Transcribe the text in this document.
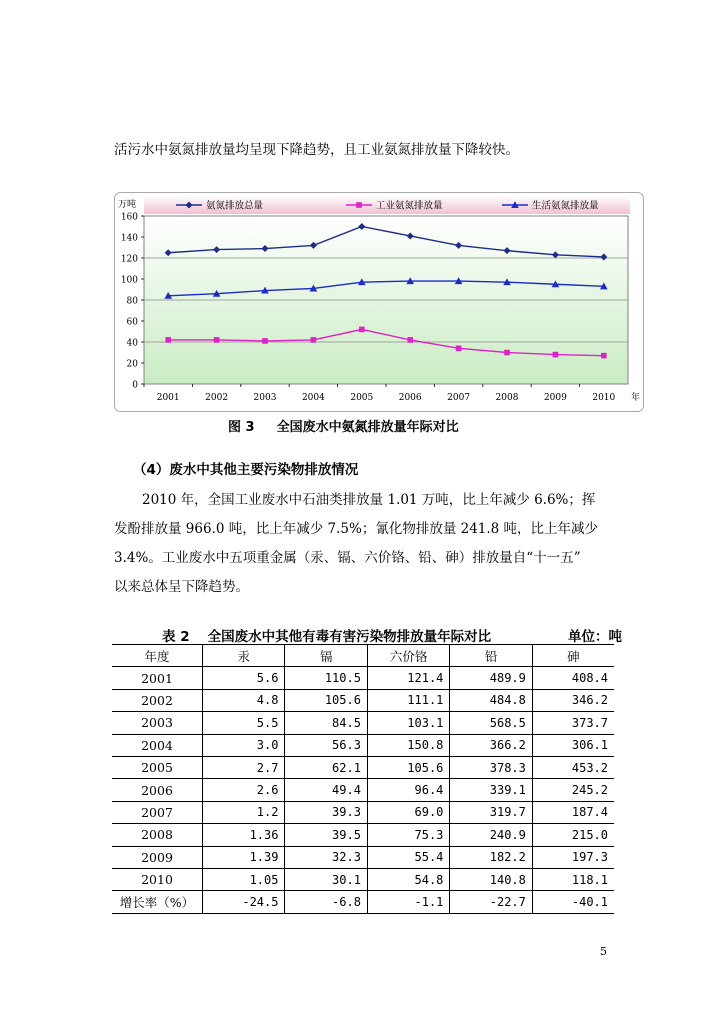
活污水中氨氮排放量均呈现下降趋势，且工业氨氮排放量下降较快。

氨氮排放总量	工业氨氮排放量	生活氨氮排放量
0
20
40
60
80
100
120
140
160
2001	2002	2003	2004	2005	2006	2007	2008	2009	2010
万吨
年

图 3 全国废水中氨氮排放量年际对比

（4）废水中其他主要污染物排放情况

2010 年，全国工业废水中石油类排放量 1.01 万吨，比上年减少 6.6%；挥
发酚排放量 966.0 吨，比上年减少 7.5%；氰化物排放量 241.8 吨，比上年减少
3.4%。工业废水中五项重金属（汞、镉、六价铬、铅、砷）排放量自“十一五”
以来总体呈下降趋势。

表 2 全国废水中其他有毒有害污染物排放量年际对比	单位：吨

年度	汞	镉	六价铬	铅	砷
2001	5.6	110.5	121.4	489.9	408.4
2002	4.8	105.6	111.1	484.8	346.2
2003	5.5	84.5	103.1	568.5	373.7
2004	3.0	56.3	150.8	366.2	306.1
2005	2.7	62.1	105.6	378.3	453.2
2006	2.6	49.4	96.4	339.1	245.2
2007	1.2	39.3	69.0	319.7	187.4
2008	1.36	39.5	75.3	240.9	215.0
2009	1.39	32.3	55.4	182.2	197.3
2010	1.05	30.1	54.8	140.8	118.1
增长率（%）	-24.5	-6.8	-1.1	-22.7	-40.1
5
